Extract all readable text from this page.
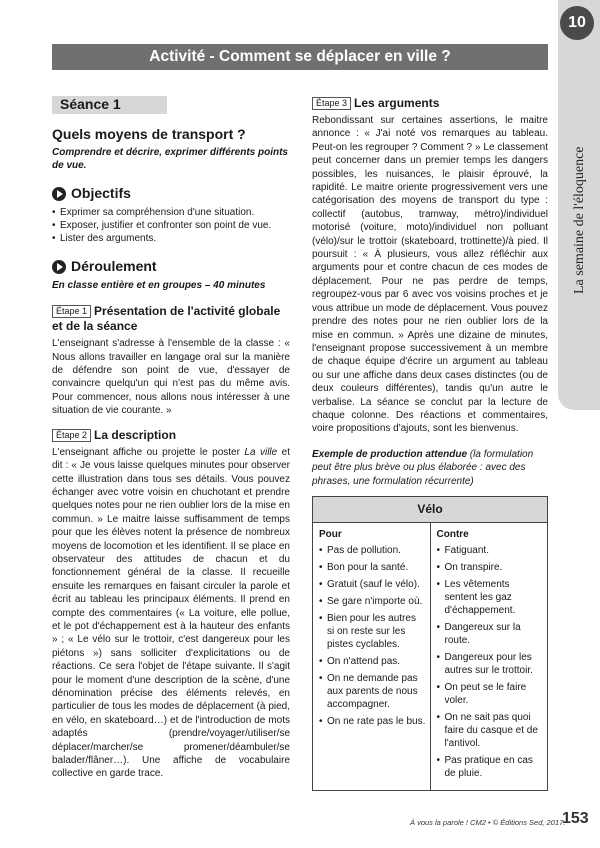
10
La semaine de l'éloquence
Activité - Comment se déplacer en ville ?
Séance 1
Quels moyens de transport ?
Comprendre et décrire, exprimer différents points de vue.
Objectifs
• Exprimer sa compréhension d'une situation.
• Exposer, justifier et confronter son point de vue.
• Lister des arguments.
Déroulement
En classe entière et en groupes – 40 minutes
Étape 1 Présentation de l'activité globale et de la séance

L'enseignant s'adresse à l'ensemble de la classe : « Nous allons travailler en langage oral sur la manière de défendre son point de vue, d'essayer de convaincre quelqu'un qui n'est pas du même avis. Pour commencer, nous allons nous intéresser à une situation de vie courante. »

Étape 2 La description

L'enseignant affiche ou projette le poster La ville et dit : « Je vous laisse quelques minutes pour observer cette illustration dans tous ses détails. Vous pouvez échanger avec votre voisin en chuchotant et prendre quelques notes pour ne rien oublier lors de la mise en commun. » Le maitre laisse suffisamment de temps pour que les élèves notent la présence de nombreux moyens de locomotion et les identifient. Il se place en observateur des attitudes de chacun et du fonctionnement général de la classe. Il recueille ensuite les remarques en faisant circuler la parole et écrit au tableau les principaux éléments. Il prend en compte des commentaires (« La voiture, elle pollue, et le pot d'échappement est à la hauteur des enfants » ; « Le vélo sur le trottoir, c'est dangereux pour les piétons ») sans solliciter d'explicitations ou de réactions. Ce sera l'objet de l'étape suivante. Il s'agit pour le moment d'une description de la scène, d'une dénomination précise des éléments relevés, en particulier de tous les modes de déplacement (à pied, en vélo, en skateboard…) et de l'introduction de mots adaptés (prendre/voyager/utiliser/se déplacer/marcher/se promener/déambuler/se balader/flâner…). Une affiche de vocabulaire collective en garde trace.

Étape 3 Les arguments

Rebondissant sur certaines assertions, le maitre annonce : « J'ai noté vos remarques au tableau. Peut-on les regrouper ? Comment ? » Le classement peut concerner dans un premier temps les dangers possibles, les nuisances, le plaisir éprouvé, la rapidité. Le maitre oriente progressivement vers une catégorisation des moyens de transport du type : collectif (autobus, tramway, métro)/individuel motorisé (voiture, moto)/individuel non polluant (vélo)/sur le trottoir (skateboard, trottinette)/à pied. Il poursuit : « À plusieurs, vous allez réfléchir aux arguments pour et contre chacun de ces modes de déplacement. Pour ne pas perdre de temps, regroupez-vous par 6 avec vos voisins proches et je vous attribue un mode de déplacement. Vous pouvez prendre des notes pour ne rien oublier lors de la mise en commun. » Après une dizaine de minutes, l'enseignant propose successivement à un membre de chaque équipe d'écrire un argument au tableau ou sur une affiche dans deux cases distinctes (ou de deux couleurs différentes), tandis qu'un autre le verbalise. La séance se conclut par la lecture de chaque colonne. Des réactions et commentaires, voire propositions d'ajouts, sont les bienvenus.

Exemple de production attendue (la formulation peut être plus brève ou plus élaborée : avec des phrases, une formulation récurrente)

Vélo

Pour
• Pas de pollution.
• Bon pour la santé.
• Gratuit (sauf le vélo).
• Se gare n'importe où.
• Bien pour les autres si on reste sur les pistes cyclables.
• On n'attend pas.
• On ne demande pas aux parents de nous accompagner.
• On ne rate pas le bus.

Contre
• Fatiguant.
• On transpire.
• Les vêtements sentent les gaz d'échappement.
• Dangereux sur la route.
• Dangereux pour les autres sur le trottoir.
• On peut se le faire voler.
• On ne sait pas quoi faire du casque et de l'antivol.
• Pas pratique en cas de pluie.
À vous la parole ! CM2 • © Éditions Sed, 2017.
153
